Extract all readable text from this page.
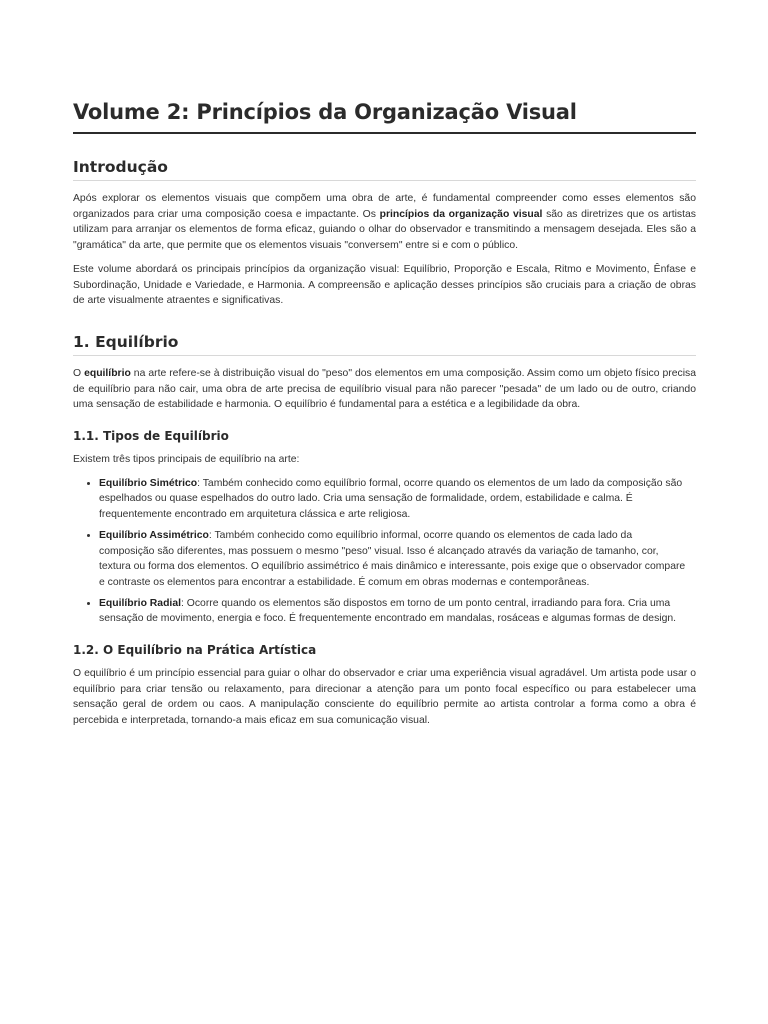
Volume 2: Princípios da Organização Visual
Introdução

Após explorar os elementos visuais que compõem uma obra de arte, é fundamental compreender como esses elementos são organizados para criar uma composição coesa e impactante. Os princípios da organização visual são as diretrizes que os artistas utilizam para arranjar os elementos de forma eficaz, guiando o olhar do observador e transmitindo a mensagem desejada. Eles são a "gramática" da arte, que permite que os elementos visuais "conversem" entre si e com o público.

Este volume abordará os principais princípios da organização visual: Equilíbrio, Proporção e Escala, Ritmo e Movimento, Ênfase e Subordinação, Unidade e Variedade, e Harmonia. A compreensão e aplicação desses princípios são cruciais para a criação de obras de arte visualmente atraentes e significativas.

1. Equilíbrio

O equilíbrio na arte refere-se à distribuição visual do "peso" dos elementos em uma composição. Assim como um objeto físico precisa de equilíbrio para não cair, uma obra de arte precisa de equilíbrio visual para não parecer "pesada" de um lado ou de outro, criando uma sensação de estabilidade e harmonia. O equilíbrio é fundamental para a estética e a legibilidade da obra.

1.1. Tipos de Equilíbrio

Existem três tipos principais de equilíbrio na arte:

• Equilíbrio Simétrico: Também conhecido como equilíbrio formal, ocorre quando os elementos de um lado da composição são espelhados ou quase espelhados do outro lado. Cria uma sensação de formalidade, ordem, estabilidade e calma. É frequentemente encontrado em arquitetura clássica e arte religiosa.
• Equilíbrio Assimétrico: Também conhecido como equilíbrio informal, ocorre quando os elementos de cada lado da composição são diferentes, mas possuem o mesmo "peso" visual. Isso é alcançado através da variação de tamanho, cor, textura ou forma dos elementos. O equilíbrio assimétrico é mais dinâmico e interessante, pois exige que o observador compare e contraste os elementos para encontrar a estabilidade. É comum em obras modernas e contemporâneas.
• Equilíbrio Radial: Ocorre quando os elementos são dispostos em torno de um ponto central, irradiando para fora. Cria uma sensação de movimento, energia e foco. É frequentemente encontrado em mandalas, rosáceas e algumas formas de design.
1.2. O Equilíbrio na Prática Artística

O equilíbrio é um princípio essencial para guiar o olhar do observador e criar uma experiência visual agradável. Um artista pode usar o equilíbrio para criar tensão ou relaxamento, para direcionar a atenção para um ponto focal específico ou para estabelecer uma sensação geral de ordem ou caos. A manipulação consciente do equilíbrio permite ao artista controlar a forma como a obra é percebida e interpretada, tornando-a mais eficaz em sua comunicação visual.
